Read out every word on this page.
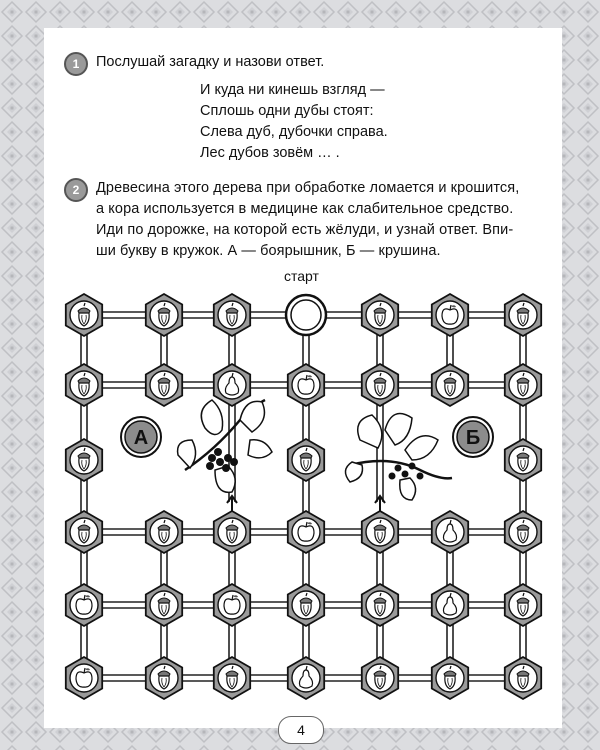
1	Послушай загадку и назови ответ.
И куда ни кинешь взгляд —
Сплошь одни дубы стоят:
Слева дуб, дубочки справа.
Лес дубов зовём … .
2	Древесина этого дерева при обработке ломается и крошится,
а кора используется в медицине как слабительное средство.
Иди по дорожке, на которой есть жёлуди, и узнай ответ. Впи-
ши букву в кружок. А — боярышник, Б — крушина.
старт
А	Б
4
